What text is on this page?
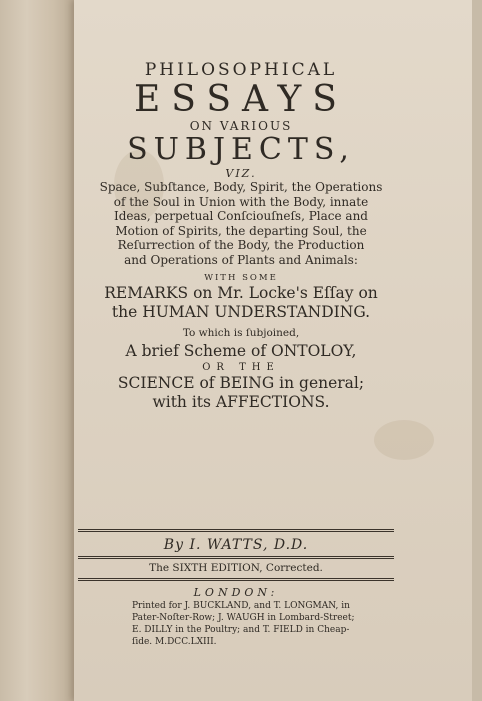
PHILOSOPHICAL
ESSAYS
ON VARIOUS
SUBJECTS,
VIZ.
Space, Subſtance, Body, Spirit, the Operations
of the Soul in Union with the Body, innate
Ideas, perpetual Conſciouſneſs, Place and
Motion of Spirits, the departing Soul, the
Reſurrection of the Body, the Production
and Operations of Plants and Animals:
WITH SOME
REMARKS on Mr. Locke's Eſſay on
the HUMAN UNDERSTANDING.
To which is ſubjoined,
A brief Scheme of ONTOLOY,
OR THE
SCIENCE of BEING in general;
with its AFFECTIONS.
By I. WATTS, D.D.
The SIXTH EDITION, Corrected.
LONDON:
Printed for J. BUCKLAND, and T. LONGMAN, in
Pater-Noſter-Row; J. WAUGH in Lombard-Street;
E. DILLY in the Poultry; and T. FIELD in Cheap-
ſide. M.DCC.LXIII.
